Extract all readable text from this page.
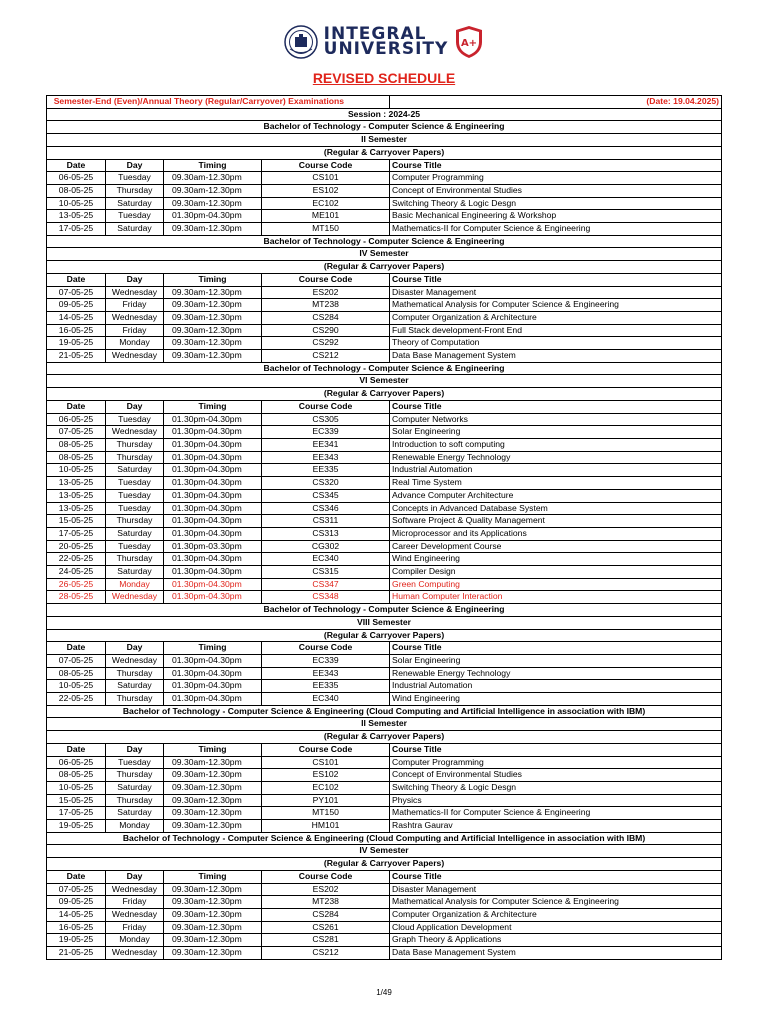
INTEGRAL
UNIVERSITY A+
REVISED SCHEDULE
Semester-End (Even)/Annual Theory (Regular/Carryover) Examinations				(Date: 19.04.2025)
Session : 2024-25				
Bachelor of Technology - Computer Science & Engineering				
II Semester				
(Regular & Carryover Papers)				
Date	Day	Timing	Course Code	Course Title
06-05-25	Tuesday	09.30am-12.30pm	CS101	Computer Programming
08-05-25	Thursday	09.30am-12.30pm	ES102	Concept of Environmental Studies
10-05-25	Saturday	09.30am-12.30pm	EC102	Switching Theory & Logic Desgn
13-05-25	Tuesday	01.30pm-04.30pm	ME101	Basic Mechanical Engineering & Workshop
17-05-25	Saturday	09.30am-12.30pm	MT150	Mathematics-II for Computer Science & Engineering
Bachelor of Technology - Computer Science & Engineering				
IV Semester				
(Regular & Carryover Papers)				
Date	Day	Timing	Course Code	Course Title
07-05-25	Wednesday	09.30am-12.30pm	ES202	Disaster Management
09-05-25	Friday	09.30am-12.30pm	MT238	Mathematical Analysis for Computer Science & Engineering
14-05-25	Wednesday	09.30am-12.30pm	CS284	Computer Organization & Architecture
16-05-25	Friday	09.30am-12.30pm	CS290	Full Stack development-Front End
19-05-25	Monday	09.30am-12.30pm	CS292	Theory of Computation
21-05-25	Wednesday	09.30am-12.30pm	CS212	Data Base Management System
Bachelor of Technology - Computer Science & Engineering				
VI Semester				
(Regular & Carryover Papers)				
Date	Day	Timing	Course Code	Course Title
06-05-25	Tuesday	01.30pm-04.30pm	CS305	Computer Networks
07-05-25	Wednesday	01.30pm-04.30pm	EC339	Solar Engineering
08-05-25	Thursday	01.30pm-04.30pm	EE341	Introduction to soft computing
08-05-25	Thursday	01.30pm-04.30pm	EE343	Renewable Energy Technology
10-05-25	Saturday	01.30pm-04.30pm	EE335	Industrial Automation
13-05-25	Tuesday	01.30pm-04.30pm	CS320	Real Time System
13-05-25	Tuesday	01.30pm-04.30pm	CS345	Advance Computer Architecture
13-05-25	Tuesday	01.30pm-04.30pm	CS346	Concepts in Advanced Database System
15-05-25	Thursday	01.30pm-04.30pm	CS311	Software Project & Quality Management
17-05-25	Saturday	01.30pm-04.30pm	CS313	Microprocessor and its Applications
20-05-25	Tuesday	01.30pm-03.30pm	CG302	Career Development Course
22-05-25	Thursday	01.30pm-04.30pm	EC340	Wind Engineering
24-05-25	Saturday	01.30pm-04.30pm	CS315	Compiler Design
26-05-25	Monday	01.30pm-04.30pm	CS347	Green Computing
28-05-25	Wednesday	01.30pm-04.30pm	CS348	Human Computer Interaction
Bachelor of Technology - Computer Science & Engineering				
VIII Semester				
(Regular & Carryover Papers)				
Date	Day	Timing	Course Code	Course Title
07-05-25	Wednesday	01.30pm-04.30pm	EC339	Solar Engineering
08-05-25	Thursday	01.30pm-04.30pm	EE343	Renewable Energy Technology
10-05-25	Saturday	01.30pm-04.30pm	EE335	Industrial Automation
22-05-25	Thursday	01.30pm-04.30pm	EC340	Wind Engineering
Bachelor of Technology - Computer Science & Engineering (Cloud Computing and Artificial Intelligence in association with IBM)				
II Semester				
(Regular & Carryover Papers)				
Date	Day	Timing	Course Code	Course Title
06-05-25	Tuesday	09.30am-12.30pm	CS101	Computer Programming
08-05-25	Thursday	09.30am-12.30pm	ES102	Concept of Environmental Studies
10-05-25	Saturday	09.30am-12.30pm	EC102	Switching Theory & Logic Desgn
15-05-25	Thursday	09.30am-12.30pm	PY101	Physics
17-05-25	Saturday	09.30am-12.30pm	MT150	Mathematics-II for Computer Science & Engineering
19-05-25	Monday	09.30am-12.30pm	HM101	Rashtra Gaurav
Bachelor of Technology - Computer Science & Engineering (Cloud Computing and Artificial Intelligence in association with IBM)				
IV Semester				
(Regular & Carryover Papers)				
Date	Day	Timing	Course Code	Course Title
07-05-25	Wednesday	09.30am-12.30pm	ES202	Disaster Management
09-05-25	Friday	09.30am-12.30pm	MT238	Mathematical Analysis for Computer Science & Engineering
14-05-25	Wednesday	09.30am-12.30pm	CS284	Computer Organization & Architecture
16-05-25	Friday	09.30am-12.30pm	CS261	Cloud Application Development
19-05-25	Monday	09.30am-12.30pm	CS281	Graph Theory & Applications
21-05-25	Wednesday	09.30am-12.30pm	CS212	Data Base Management System
1/49
